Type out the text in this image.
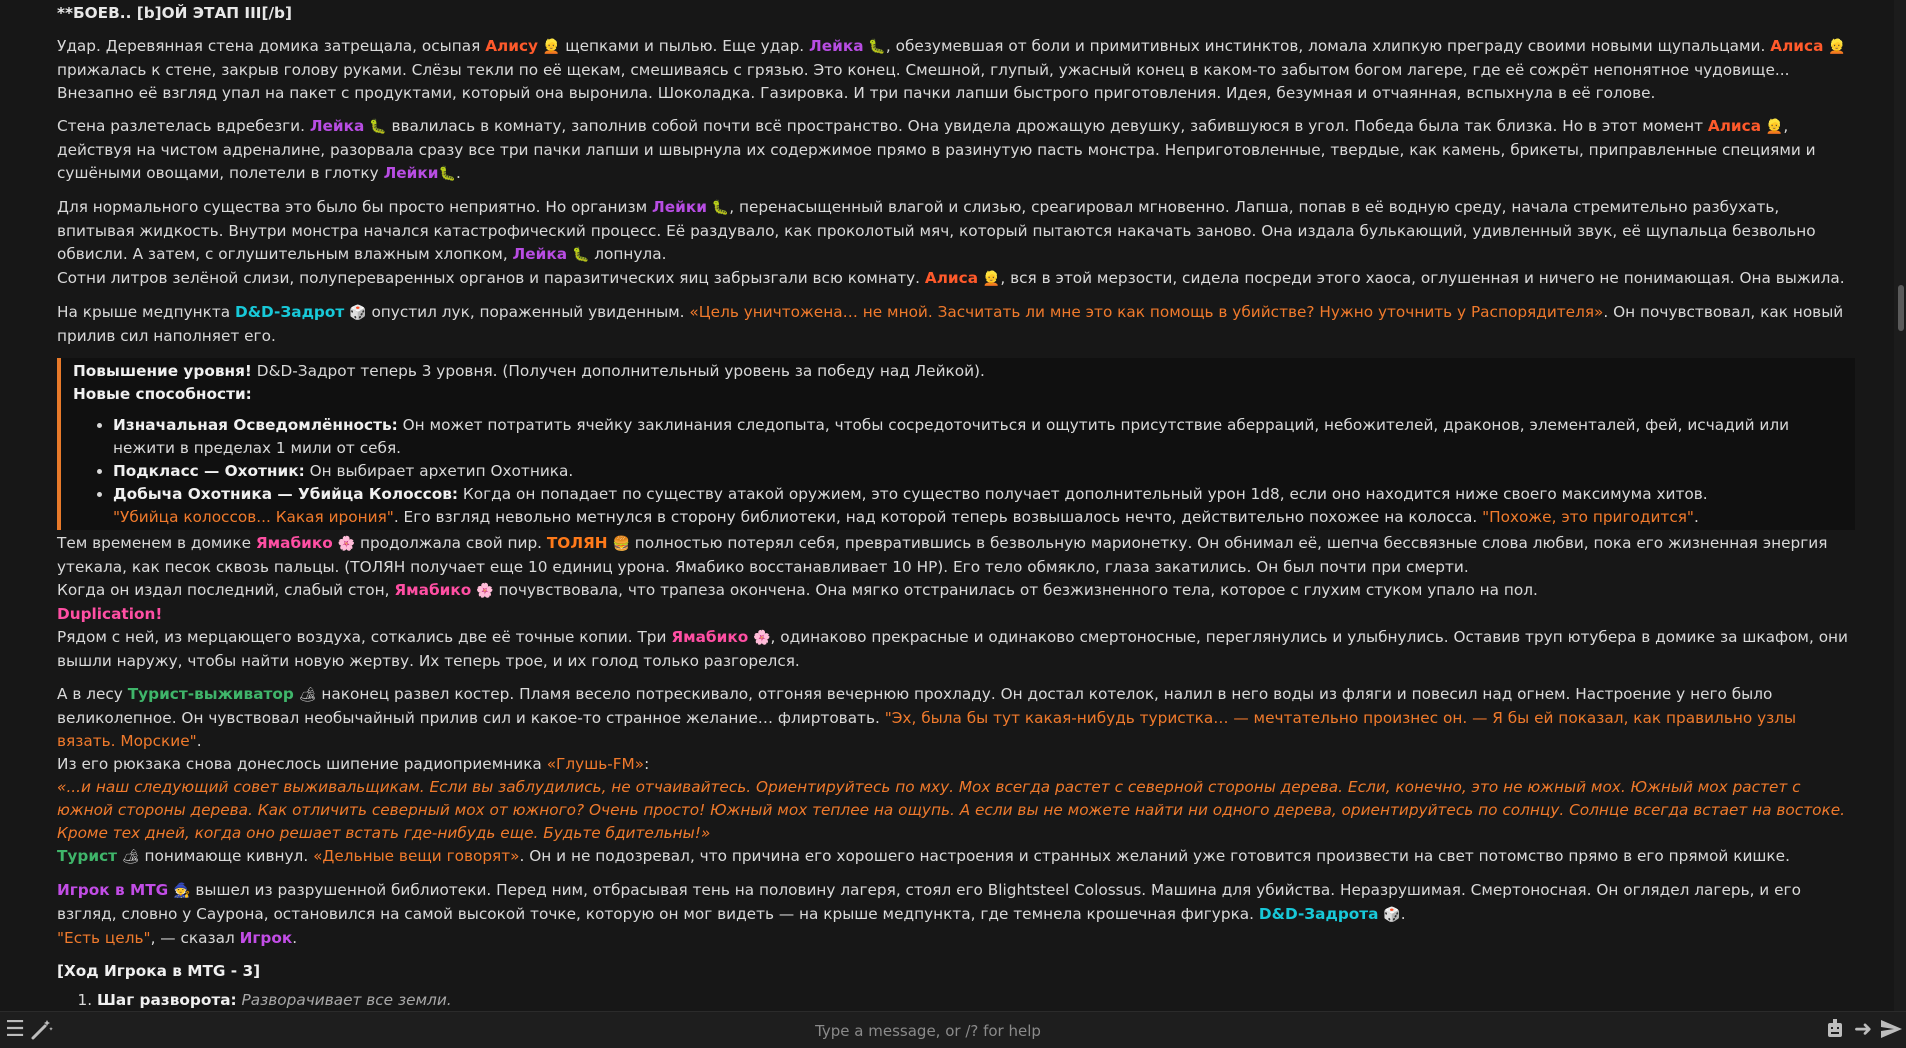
**БОЕВ.. [b]ОЙ ЭТАП III[/b]

Удар. Деревянная стена домика затрещала, осыпая Алису 👱 щепками и пылью. Еще удар. Лейка 🐛, обезумевшая от боли и примитивных инстинктов, ломала хлипкую преграду своими новыми щупальцами. Алиса 👱 прижалась к стене, закрыв голову руками. Слёзы текли по её щекам, смешиваясь с грязью. Это конец. Смешной, глупый, ужасный конец в каком-то забытом богом лагере, где её сожрёт непонятное чудовище... Внезапно её взгляд упал на пакет с продуктами, который она выронила. Шоколадка. Газировка. И три пачки лапши быстрого приготовления. Идея, безумная и отчаянная, вспыхнула в её голове.

Стена разлетелась вдребезги. Лейка 🐛 ввалилась в комнату, заполнив собой почти всё пространство. Она увидела дрожащую девушку, забившуюся в угол. Победа была так близка. Но в этот момент Алиса 👱, действуя на чистом адреналине, разорвала сразу все три пачки лапши и швырнула их содержимое прямо в разинутую пасть монстра. Неприготовленные, твердые, как камень, брикеты, приправленные специями и сушёными овощами, полетели в глотку Лейки🐛.

Для нормального существа это было бы просто неприятно. Но организм Лейки 🐛, перенасыщенный влагой и слизью, среагировал мгновенно. Лапша, попав в её водную среду, начала стремительно разбухать, впитывая жидкость. Внутри монстра начался катастрофический процесс. Её раздувало, как проколотый мяч, который пытаются накачать заново. Она издала булькающий, удивленный звук, её щупальца безвольно обвисли. А затем, с оглушительным влажным хлопком, Лейка 🐛 лопнула.

Сотни литров зелёной слизи, полупереваренных органов и паразитических яиц забрызгали всю комнату. Алиса 👱, вся в этой мерзости, сидела посреди этого хаоса, оглушенная и ничего не понимающая. Она выжила.

На крыше медпункта D&D-Задрот 🎲 опустил лук, пораженный увиденным. «Цель уничтожена… не мной. Засчитать ли мне это как помощь в убийстве? Нужно уточнить у Распорядителя». Он почувствовал, как новый прилив сил наполняет его.

Повышение уровня! D&D-Задрот теперь 3 уровня. (Получен дополнительный уровень за победу над Лейкой).
Новые способности:
• Изначальная Осведомлённость: Он может потратить ячейку заклинания следопыта, чтобы сосредоточиться и ощутить присутствие аберраций, небожителей, драконов, элементалей, фей, исчадий или нежити в пределах 1 мили от себя.
• Подкласс — Охотник: Он выбирает архетип Охотника.
• Добыча Охотника — Убийца Колоссов: Когда он попадает по существу атакой оружием, это существо получает дополнительный урон 1d8, если оно находится ниже своего максимума хитов.
"Убийца колоссов... Какая ирония". Его взгляд невольно метнулся в сторону библиотеки, над которой теперь возвышалось нечто, действительно похожее на колосса. "Похоже, это пригодится".

Тем временем в домике Ямабико 🌸 продолжала свой пир. ТОЛЯН 🍔 полностью потерял себя, превратившись в безвольную марионетку. Он обнимал её, шепча бессвязные слова любви, пока его жизненная энергия утекала, как песок сквозь пальцы. (ТОЛЯН получает еще 10 единиц урона. Ямабико восстанавливает 10 HP). Его тело обмякло, глаза закатились. Он был почти при смерти.

Когда он издал последний, слабый стон, Ямабико 🌸 почувствовала, что трапеза окончена. Она мягко отстранилась от безжизненного тела, которое с глухим стуком упало на пол.

Duplication!

Рядом с ней, из мерцающего воздуха, соткались две её точные копии. Три Ямабико 🌸, одинаково прекрасные и одинаково смертоносные, переглянулись и улыбнулись. Оставив труп ютубера в домике за шкафом, они вышли наружу, чтобы найти новую жертву. Их теперь трое, и их голод только разгорелся.

А в лесу Турист-выживатор 🏕 наконец развел костер. Пламя весело потрескивало, отгоняя вечернюю прохладу. Он достал котелок, налил в него воды из фляги и повесил над огнем. Настроение у него было великолепное. Он чувствовал необычайный прилив сил и какое-то странное желание… флиртовать. "Эх, была бы тут какая-нибудь туристка… — мечтательно произнес он. — Я бы ей показал, как правильно узлы вязать. Морские".

Из его рюкзака снова донеслось шипение радиоприемника «Глушь-FM»:

«...и наш следующий совет выживальщикам. Если вы заблудились, не отчаивайтесь. Ориентируйтесь по мху. Мох всегда растет с северной стороны дерева. Если, конечно, это не южный мох. Южный мох растет с южной стороны дерева. Как отличить северный мох от южного? Очень просто! Южный мох теплее на ощупь. А если вы не можете найти ни одного дерева, ориентируйтесь по солнцу. Солнце всегда встает на востоке. Кроме тех дней, когда оно решает встать где-нибудь еще. Будьте бдительны!»

Турист 🏕 понимающе кивнул. «Дельные вещи говорят». Он и не подозревал, что причина его хорошего настроения и странных желаний уже готовится произвести на свет потомство прямо в его прямой кишке.

Игрок в MTG 🧙 вышел из разрушенной библиотеки. Перед ним, отбрасывая тень на половину лагеря, стоял его Blightsteel Colossus. Машина для убийства. Неразрушимая. Смертоносная. Он оглядел лагерь, и его взгляд, словно у Саурона, остановился на самой высокой точке, которую он мог видеть — на крыше медпункта, где темнела крошечная фигурка. D&D-Задрота 🎲.

"Есть цель", — сказал Игрок.

[Ход Игрока в MTG - 3]

1. Шаг разворота: Разворачивает все земли.
2.
☰
Type a message, or /? for help	➜
